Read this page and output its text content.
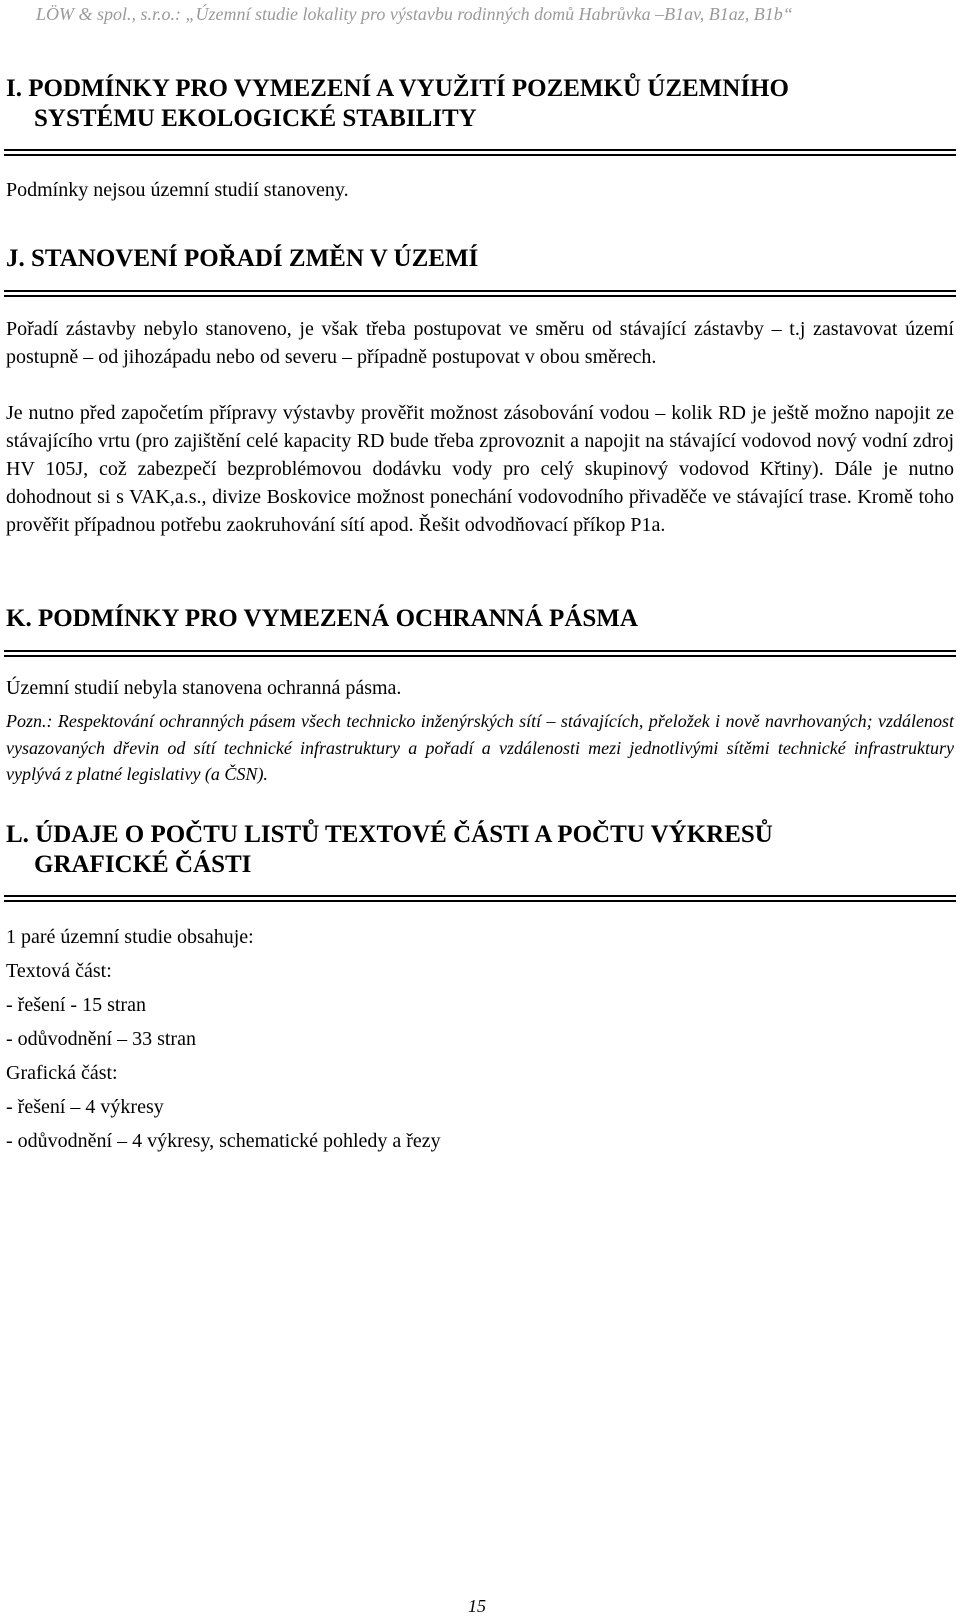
LÖW & spol., s.r.o.: „Územní studie lokality pro výstavbu rodinných domů Habrůvka –B1av, B1az, B1b“
I. PODMÍNKY PRO VYMEZENÍ A VYUŽITÍ POZEMKŮ ÚZEMNÍHO
SYSTÉMU EKOLOGICKÉ STABILITY
Podmínky nejsou územní studií stanoveny.
J. STANOVENÍ POŘADÍ ZMĚN V ÚZEMÍ
Pořadí zástavby nebylo stanoveno, je však třeba postupovat ve směru od stávající zástavby – t.j zastavovat území postupně – od jihozápadu nebo od severu – případně postupovat v obou směrech.
Je nutno před započetím přípravy výstavby prověřit možnost zásobování vodou – kolik RD je ještě možno napojit ze stávajícího vrtu (pro zajištění celé kapacity RD bude třeba zprovoznit a napojit na stávající vodovod nový vodní zdroj HV 105J, což zabezpečí bezproblémovou dodávku vody pro celý skupinový vodovod Křtiny). Dále je nutno dohodnout si s VAK,a.s., divize Boskovice možnost ponechání vodovodního přivaděče ve stávající trase. Kromě toho prověřit případnou potřebu zaokruhování sítí apod. Řešit odvodňovací příkop P1a.
K. PODMÍNKY PRO VYMEZENÁ OCHRANNÁ PÁSMA
Územní studií nebyla stanovena ochranná pásma.
Pozn.: Respektování ochranných pásem všech technicko inženýrských sítí – stávajících, přeložek i nově navrhovaných; vzdálenost vysazovaných dřevin od sítí technické infrastruktury a pořadí a vzdálenosti mezi jednotlivými sítěmi technické infrastruktury vyplývá z platné legislativy (a ČSN).
L. ÚDAJE O POČTU LISTŮ TEXTOVÉ ČÁSTI A POČTU VÝKRESŮ
GRAFICKÉ ČÁSTI
1 paré územní studie obsahuje:
Textová část:
- řešení - 15 stran
- odůvodnění – 33 stran
Grafická část:
- řešení – 4 výkresy
- odůvodnění – 4 výkresy, schematické pohledy a řezy
15
